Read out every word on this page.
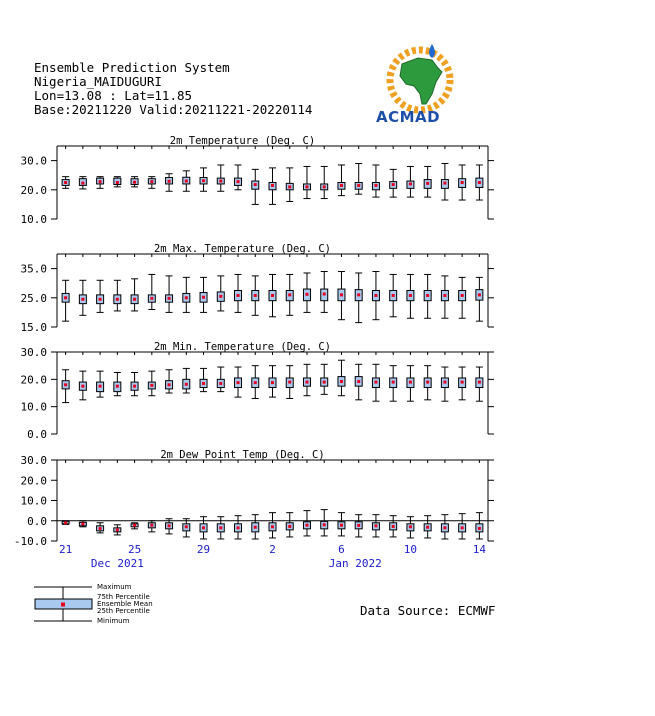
Ensemble Prediction System
Nigeria_MAIDUGURI
Lon=13.08 : Lat=11.85
Base:20211220 Valid:20211221-20220114	ACMAD
30.0
20.0
10.0
2m Temperature (Deg. C)
35.0
25.0
15.0
2m Max. Temperature (Deg. C)
30.0
20.0
10.0
0.0
2m Min. Temperature (Deg. C)
30.0
20.0
10.0
0.0
-10.0
2m Dew Point Temp (Deg. C)
21	25	29	2	6	10	14
Dec 2021	Jan 2022
Maximum
75th Percentile
Ensemble Mean
25th Percentile
Minimum
Data Source: ECMWF
